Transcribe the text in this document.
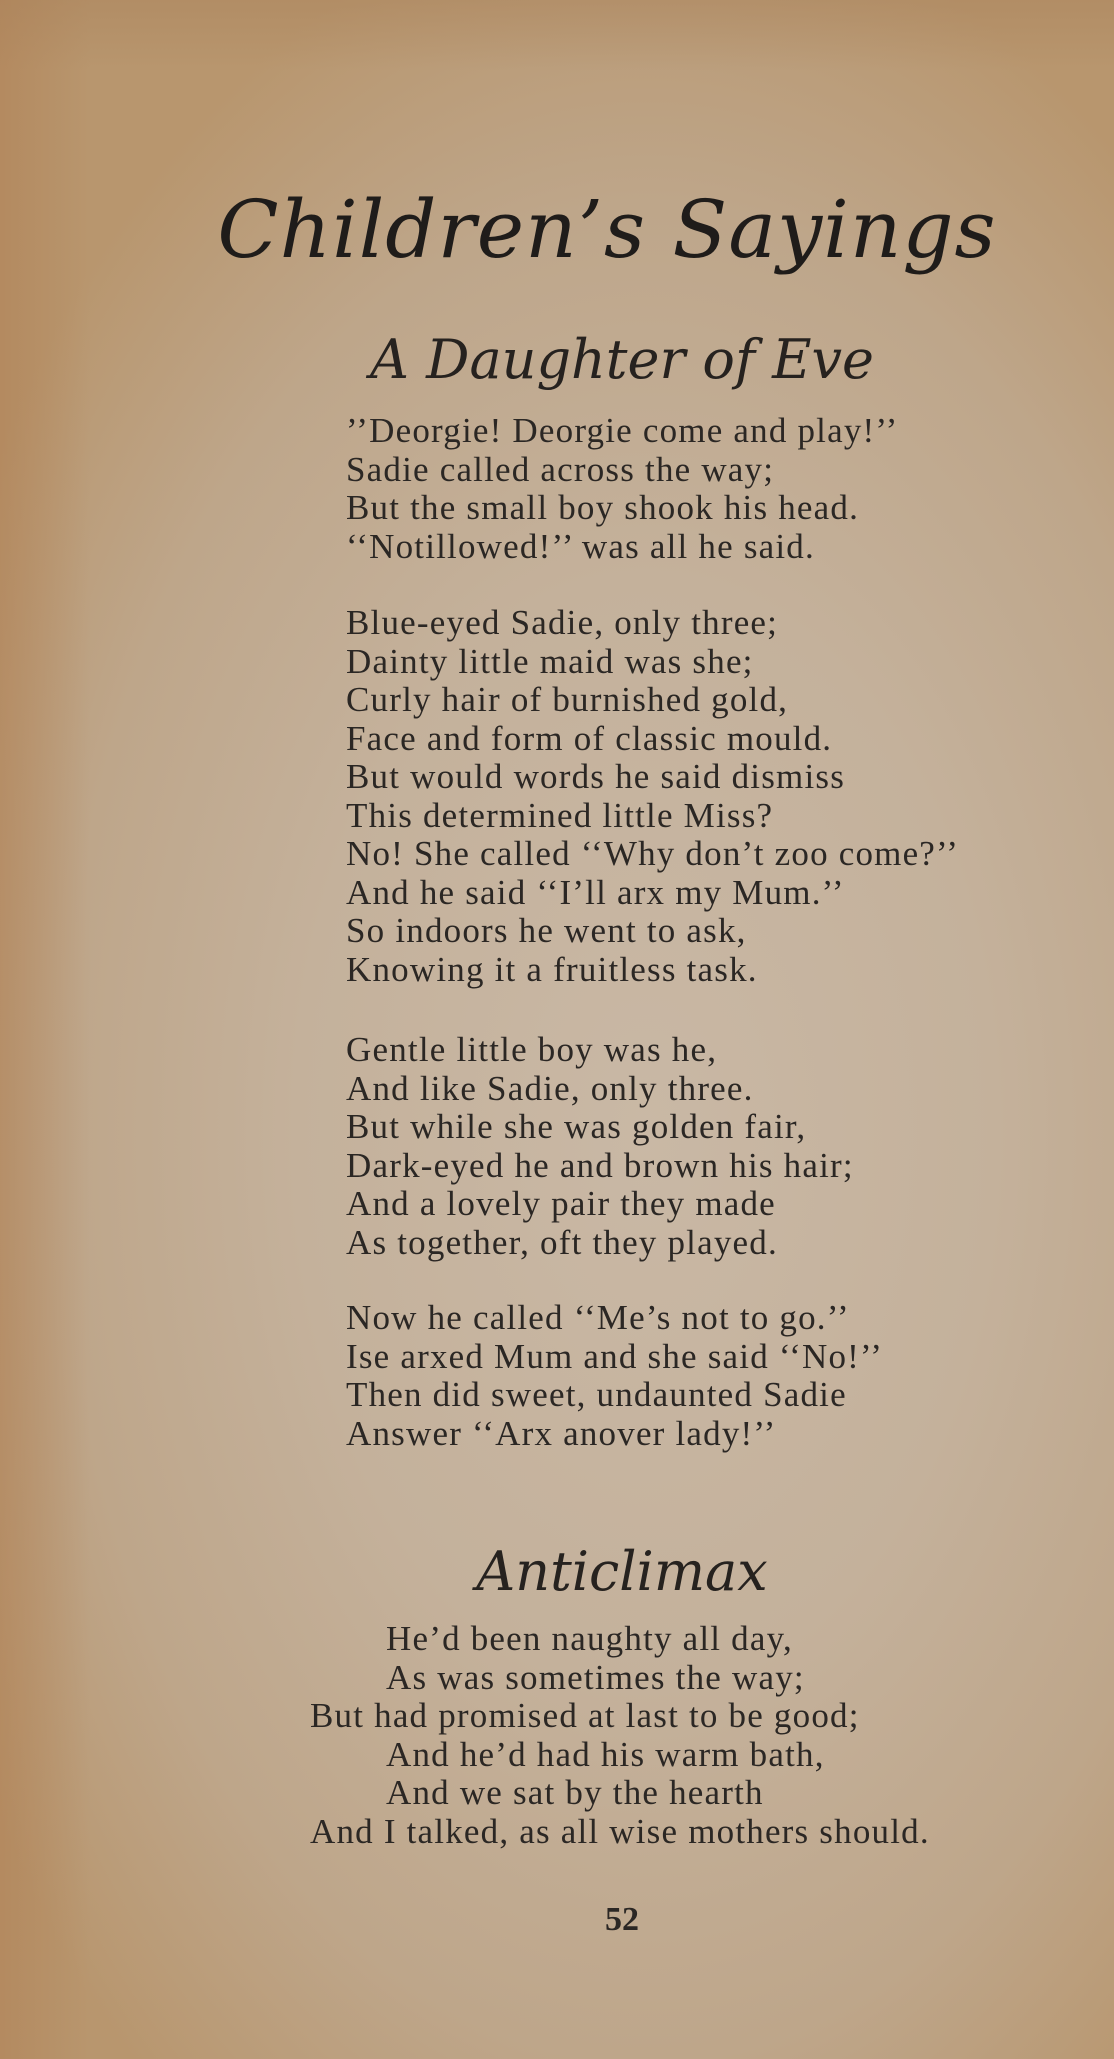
Children’s Sayings
A Daughter of Eve
’’Deorgie! Deorgie come and play!’’
Sadie called across the way;
But the small boy shook his head.
‘‘Notillowed!’’ was all he said.
Blue-eyed Sadie, only three;
Dainty little maid was she;
Curly hair of burnished gold,
Face and form of classic mould.
But would words he said dismiss
This determined little Miss?
No! She called ‘‘Why don’t zoo come?’’
And he said ‘‘I’ll arx my Mum.’’
So indoors he went to ask,
Knowing it a fruitless task.
Gentle little boy was he,
And like Sadie, only three.
But while she was golden fair,
Dark-eyed he and brown his hair;
And a lovely pair they made
As together, oft they played.
Now he called ‘‘Me’s not to go.’’
Ise arxed Mum and she said ‘‘No!’’
Then did sweet, undaunted Sadie
Answer ‘‘Arx anover lady!’’
Anticlimax
He’d been naughty all day,
As was sometimes the way;
But had promised at last to be good;
And he’d had his warm bath,
And we sat by the hearth
And I talked, as all wise mothers should.
52
